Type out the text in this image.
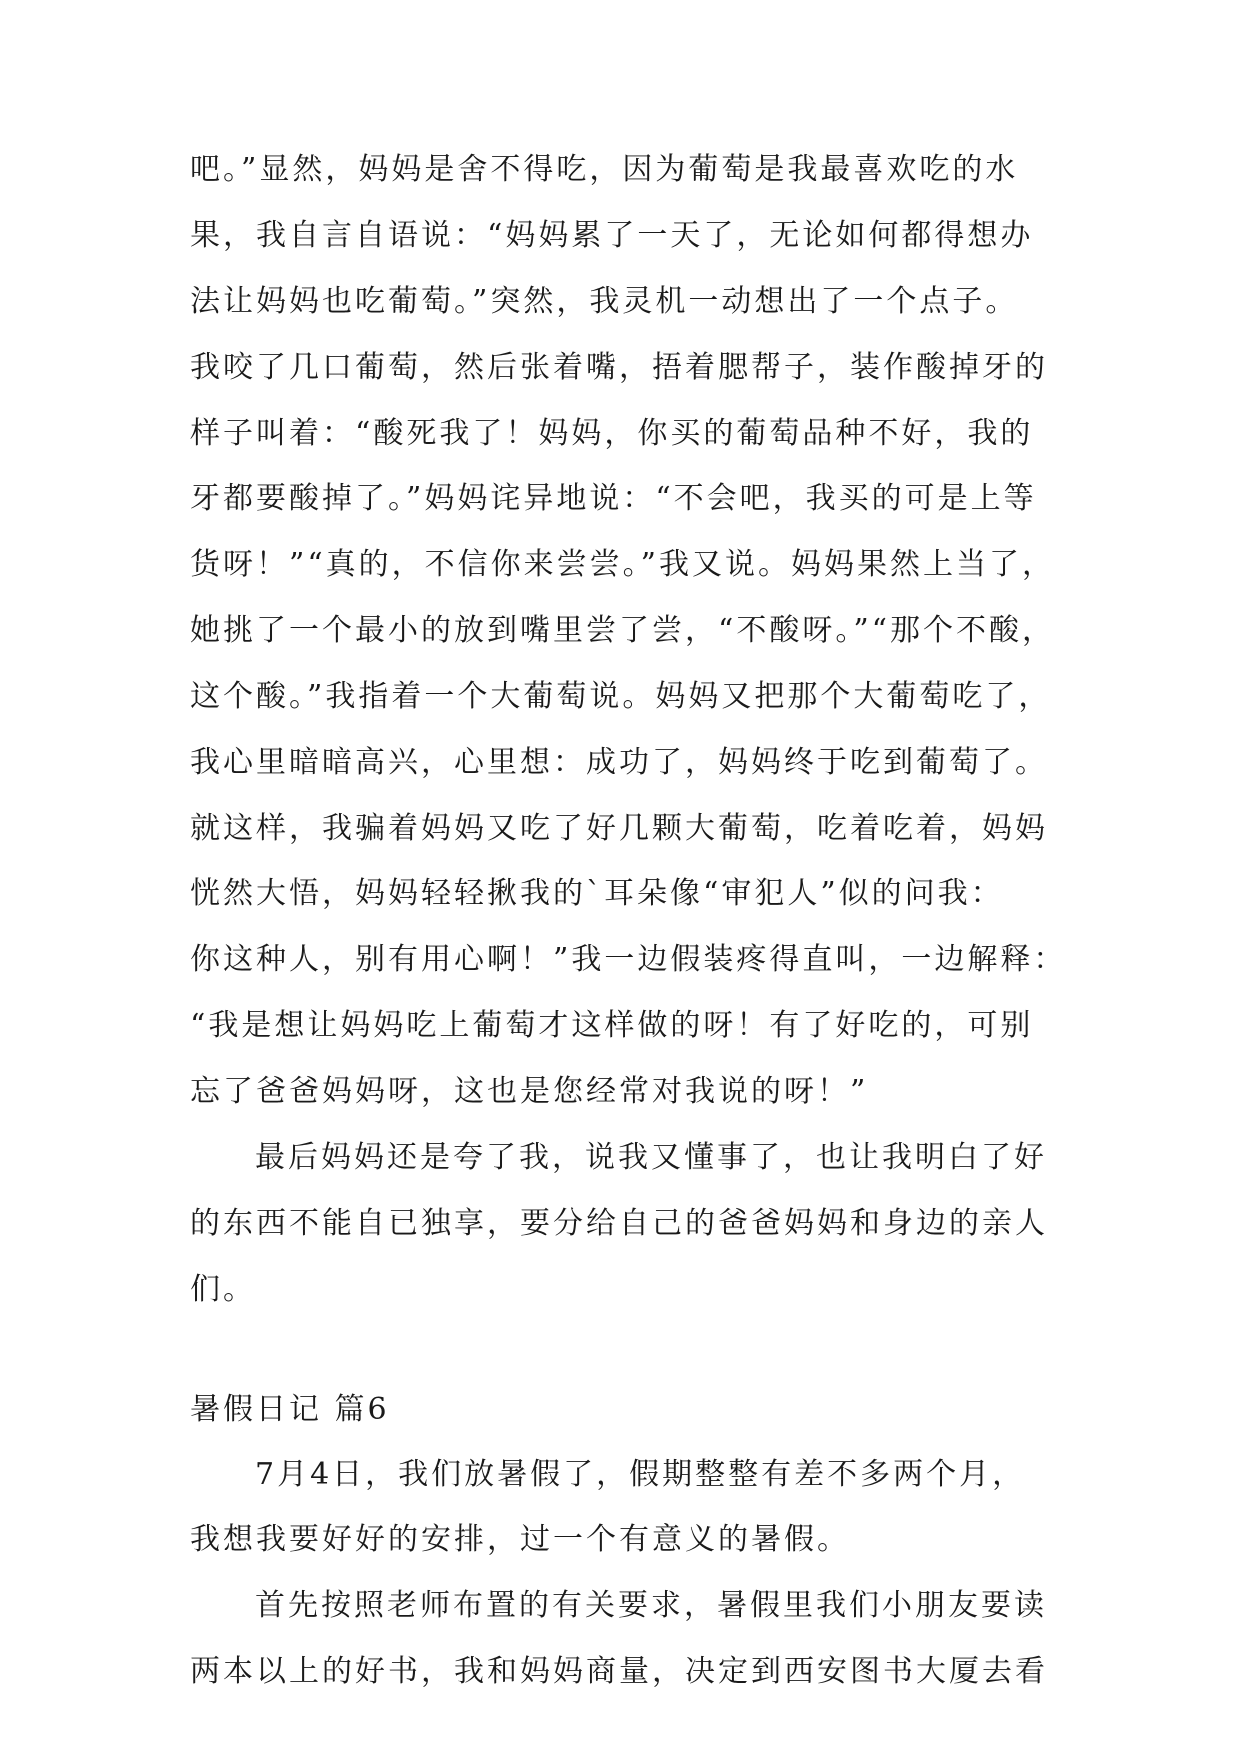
吧。”显然，妈妈是舍不得吃，因为葡萄是我最喜欢吃的水
果，我自言自语说：“妈妈累了一天了，无论如何都得想办
法让妈妈也吃葡萄。”突然，我灵机一动想出了一个点子。
我咬了几口葡萄，然后张着嘴，捂着腮帮子，装作酸掉牙的
样子叫着：“酸死我了！妈妈，你买的葡萄品种不好，我的
牙都要酸掉了。”妈妈诧异地说：“不会吧，我买的可是上等
货呀！”“真的，不信你来尝尝。”我又说。妈妈果然上当了，
她挑了一个最小的放到嘴里尝了尝，“不酸呀。”“那个不酸，
这个酸。”我指着一个大葡萄说。妈妈又把那个大葡萄吃了，
我心里暗暗高兴，心里想：成功了，妈妈终于吃到葡萄了。
就这样，我骗着妈妈又吃了好几颗大葡萄，吃着吃着，妈妈
恍然大悟，妈妈轻轻揪我的`耳朵像“审犯人”似的问我：
你这种人，别有用心啊！”我一边假装疼得直叫，一边解释：
“我是想让妈妈吃上葡萄才这样做的呀！有了好吃的，可别
忘了爸爸妈妈呀，这也是您经常对我说的呀！”
最后妈妈还是夸了我，说我又懂事了，也让我明白了好
的东西不能自已独享，要分给自己的爸爸妈妈和身边的亲人
们。
暑假日记 篇6
7月4日，我们放暑假了，假期整整有差不多两个月，
我想我要好好的安排，过一个有意义的暑假。
首先按照老师布置的有关要求，暑假里我们小朋友要读
两本以上的好书，我和妈妈商量，决定到西安图书大厦去看
